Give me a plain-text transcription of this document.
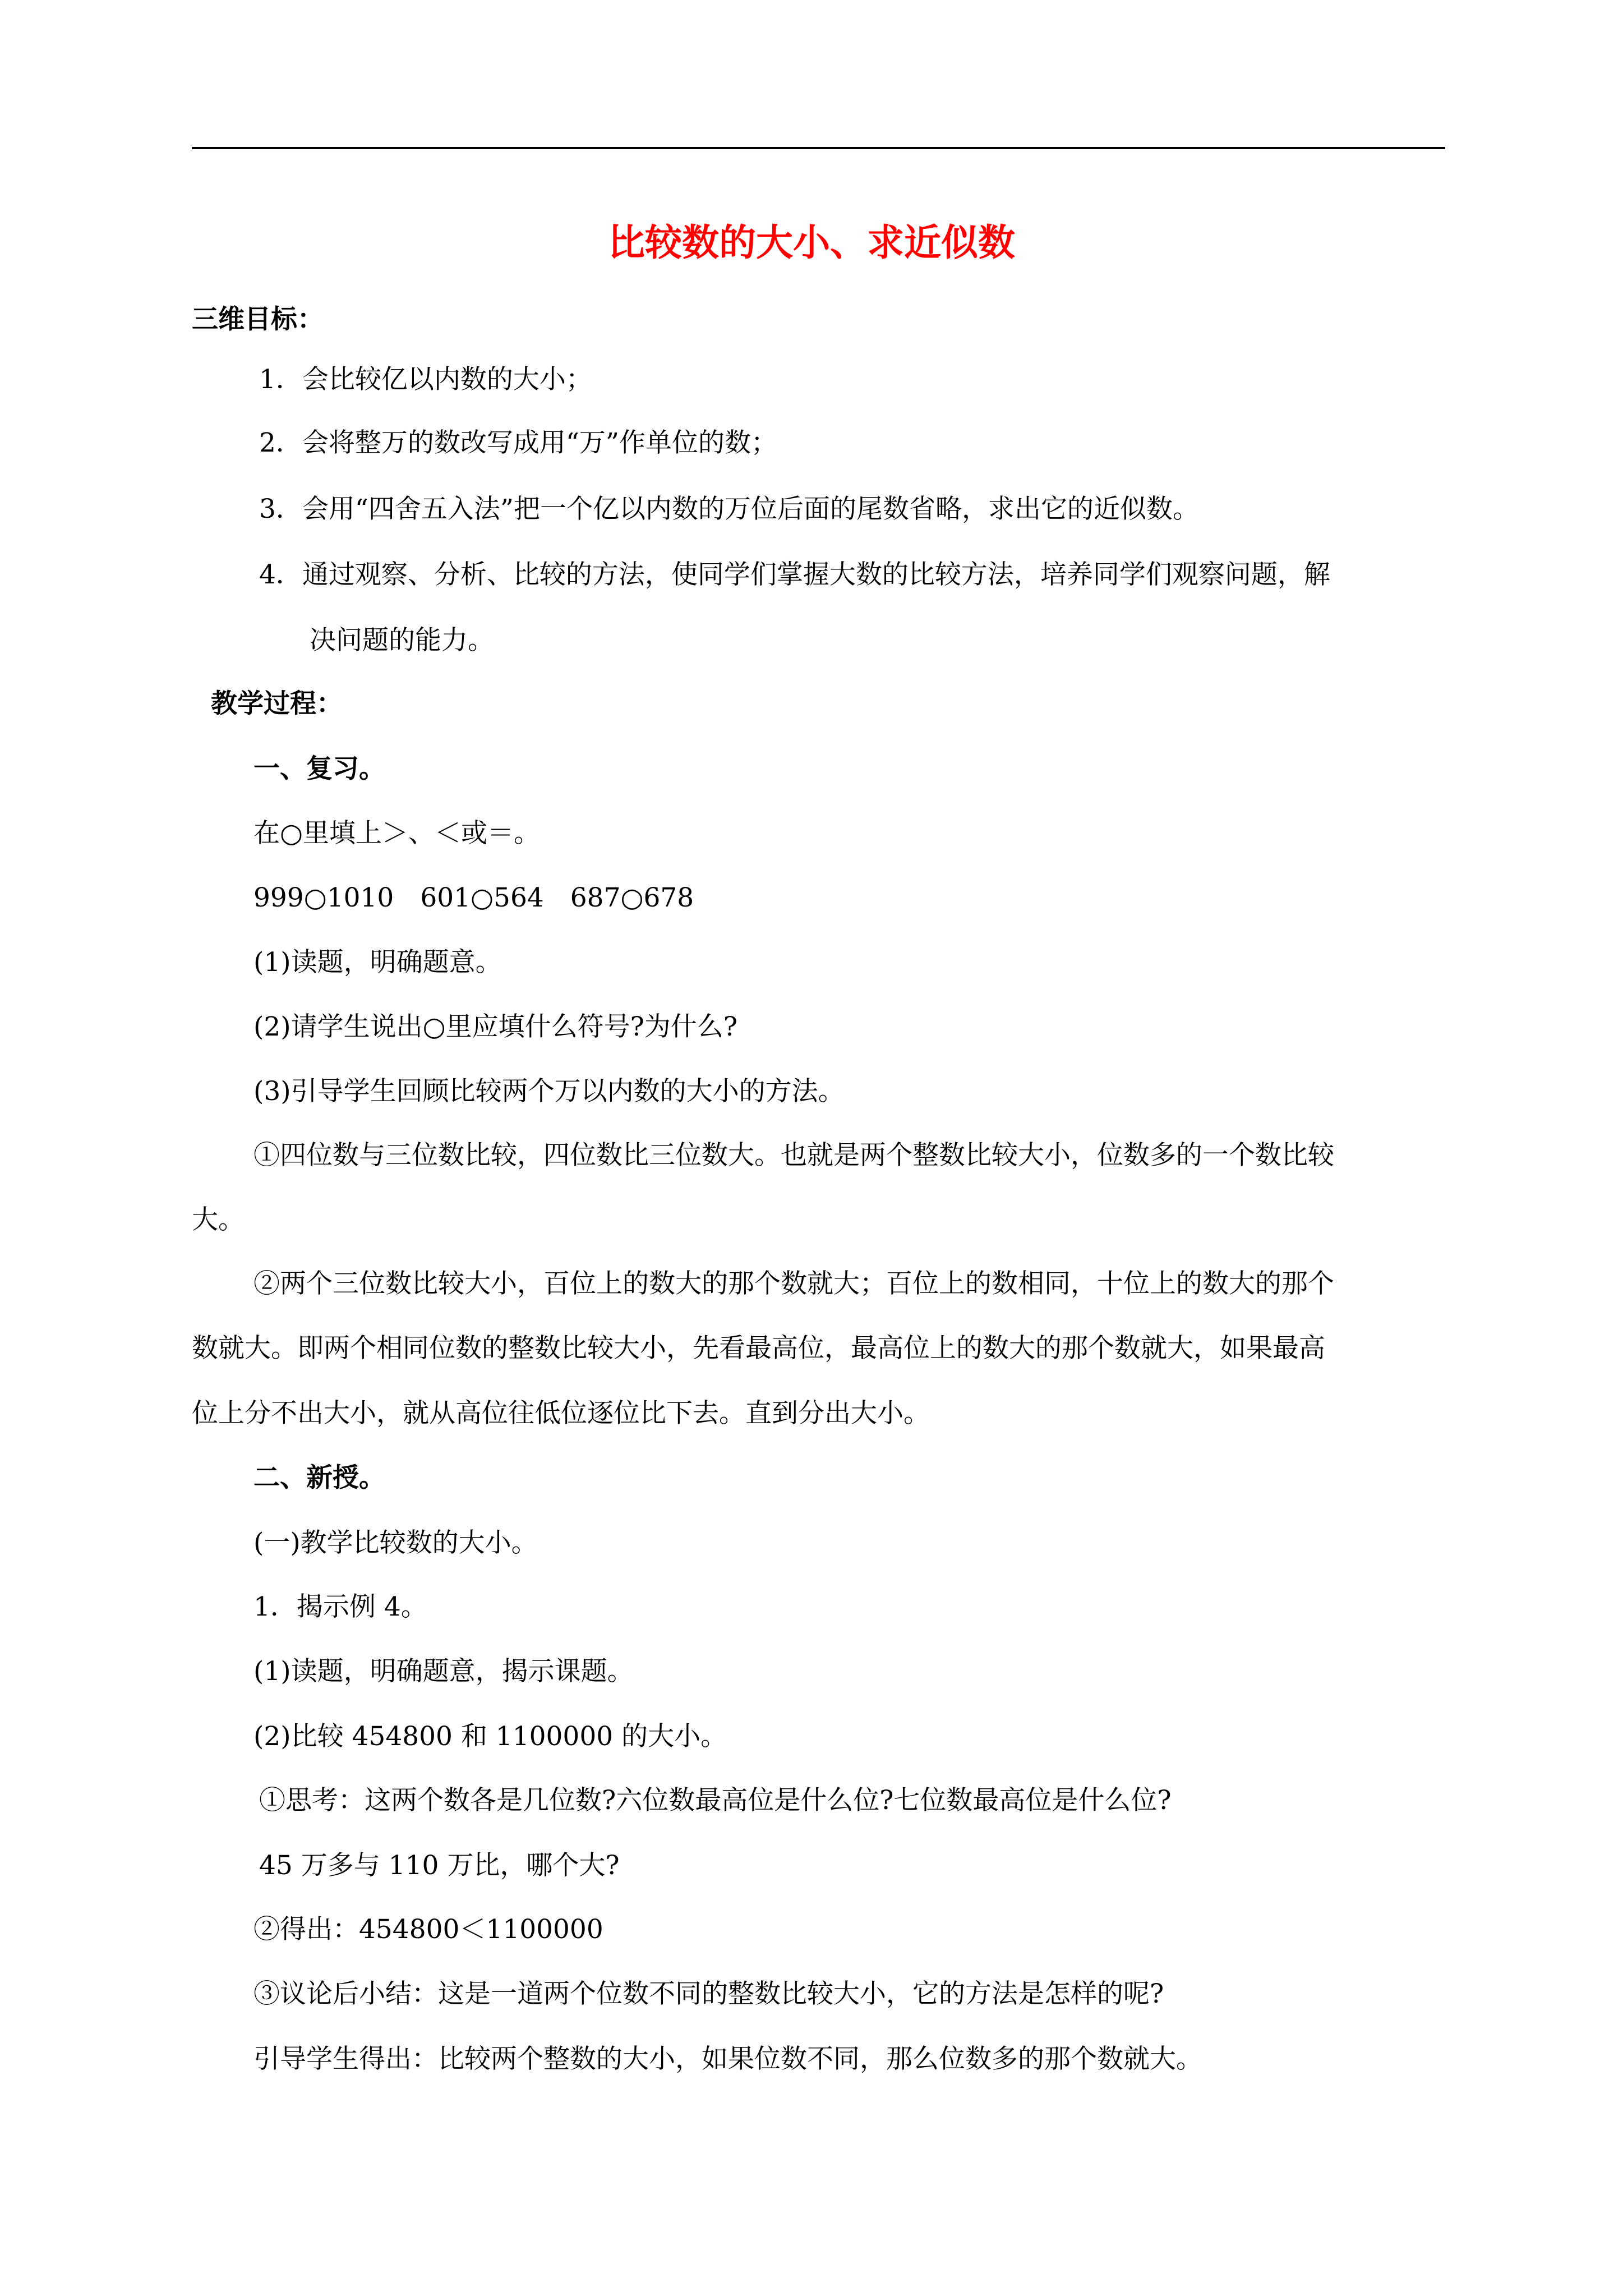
比较数的大小、求近似数
三维目标：
1．会比较亿以内数的大小；
2．会将整万的数改写成用“万”作单位的数；
3．会用“四舍五入法”把一个亿以内数的万位后面的尾数省略，求出它的近似数。
4．通过观察、分析、比较的方法，使同学们掌握大数的比较方法，培养同学们观察问题，解
决问题的能力。
教学过程：
一、复习。
在○里填上＞、＜或＝。
999○1010　601○564　687○678
(1)读题，明确题意。
(2)请学生说出○里应填什么符号?为什么?
(3)引导学生回顾比较两个万以内数的大小的方法。
①四位数与三位数比较，四位数比三位数大。也就是两个整数比较大小，位数多的一个数比较
大。
②两个三位数比较大小，百位上的数大的那个数就大；百位上的数相同，十位上的数大的那个
数就大。即两个相同位数的整数比较大小，先看最高位，最高位上的数大的那个数就大，如果最高
位上分不出大小，就从高位往低位逐位比下去。直到分出大小。
二、新授。
(一)教学比较数的大小。
1．揭示例 4。
(1)读题，明确题意，揭示课题。
(2)比较 454800 和 1100000 的大小。
①思考：这两个数各是几位数?六位数最高位是什么位?七位数最高位是什么位?
45 万多与 110 万比，哪个大?
②得出：454800＜1100000
③议论后小结：这是一道两个位数不同的整数比较大小，它的方法是怎样的呢?
引导学生得出：比较两个整数的大小，如果位数不同，那么位数多的那个数就大。
